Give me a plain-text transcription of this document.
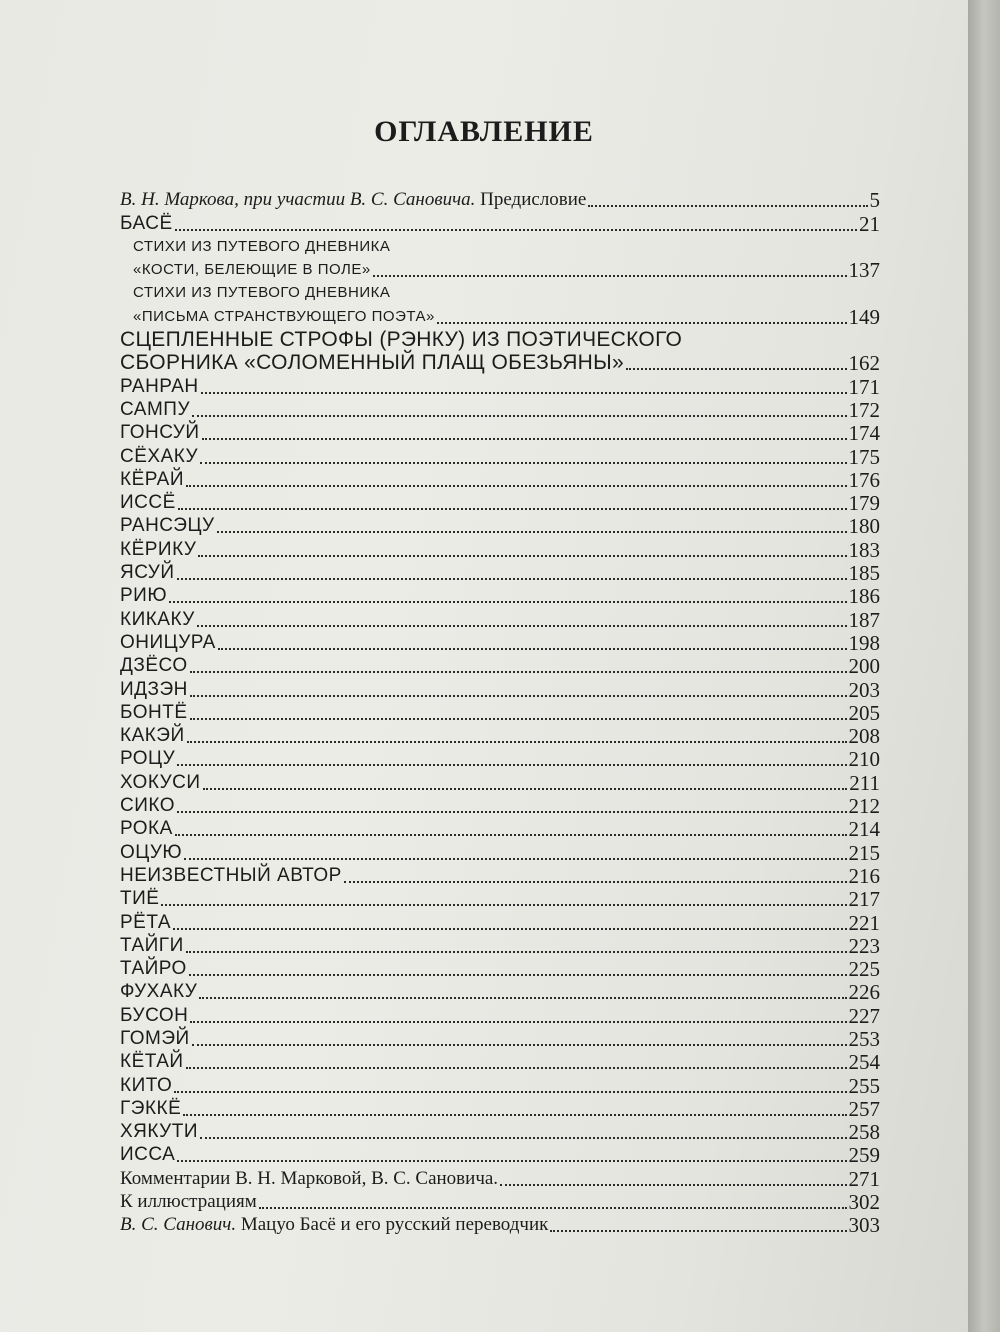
ОГЛАВЛЕНИЕ
В. Н. Маркова, при участии В. С. Сановича. Предисловие	5
БАСЁ	21
СТИХИ ИЗ ПУТЕВОГО ДНЕВНИКА
«КОСТИ, БЕЛЕЮЩИЕ В ПОЛЕ»	137
СТИХИ ИЗ ПУТЕВОГО ДНЕВНИКА
«ПИСЬМА СТРАНСТВУЮЩЕГО ПОЭТА»	149
СЦЕПЛЕННЫЕ СТРОФЫ (РЭНКУ) ИЗ ПОЭТИЧЕСКОГО
СБОРНИКА «СОЛОМЕННЫЙ ПЛАЩ ОБЕЗЬЯНЫ»	162
РАНРАН	171
САМПУ	172
ГОНСУЙ	174
СЁХАКУ	175
КЁРАЙ	176
ИССЁ	179
РАНСЭЦУ	180
КЁРИКУ	183
ЯСУЙ	185
РИЮ	186
КИКАКУ	187
ОНИЦУРА	198
ДЗЁСО	200
ИДЗЭН	203
БОНТЁ	205
КАКЭЙ	208
РОЦУ	210
ХОКУСИ	211
СИКО	212
РОКА	214
ОЦУЮ	215
НЕИЗВЕСТНЫЙ АВТОР	216
ТИЁ	217
РЁТА	221
ТАЙГИ	223
ТАЙРО	225
ФУХАКУ	226
БУСОН	227
ГОМЭЙ	253
КЁТАЙ	254
КИТО	255
ГЭККЁ	257
ХЯКУТИ	258
ИССА	259
Комментарии В. Н. Марковой, В. С. Сановича.	271
К иллюстрациям	302
В. С. Санович. Мацуо Басё и его русский переводчик	303
